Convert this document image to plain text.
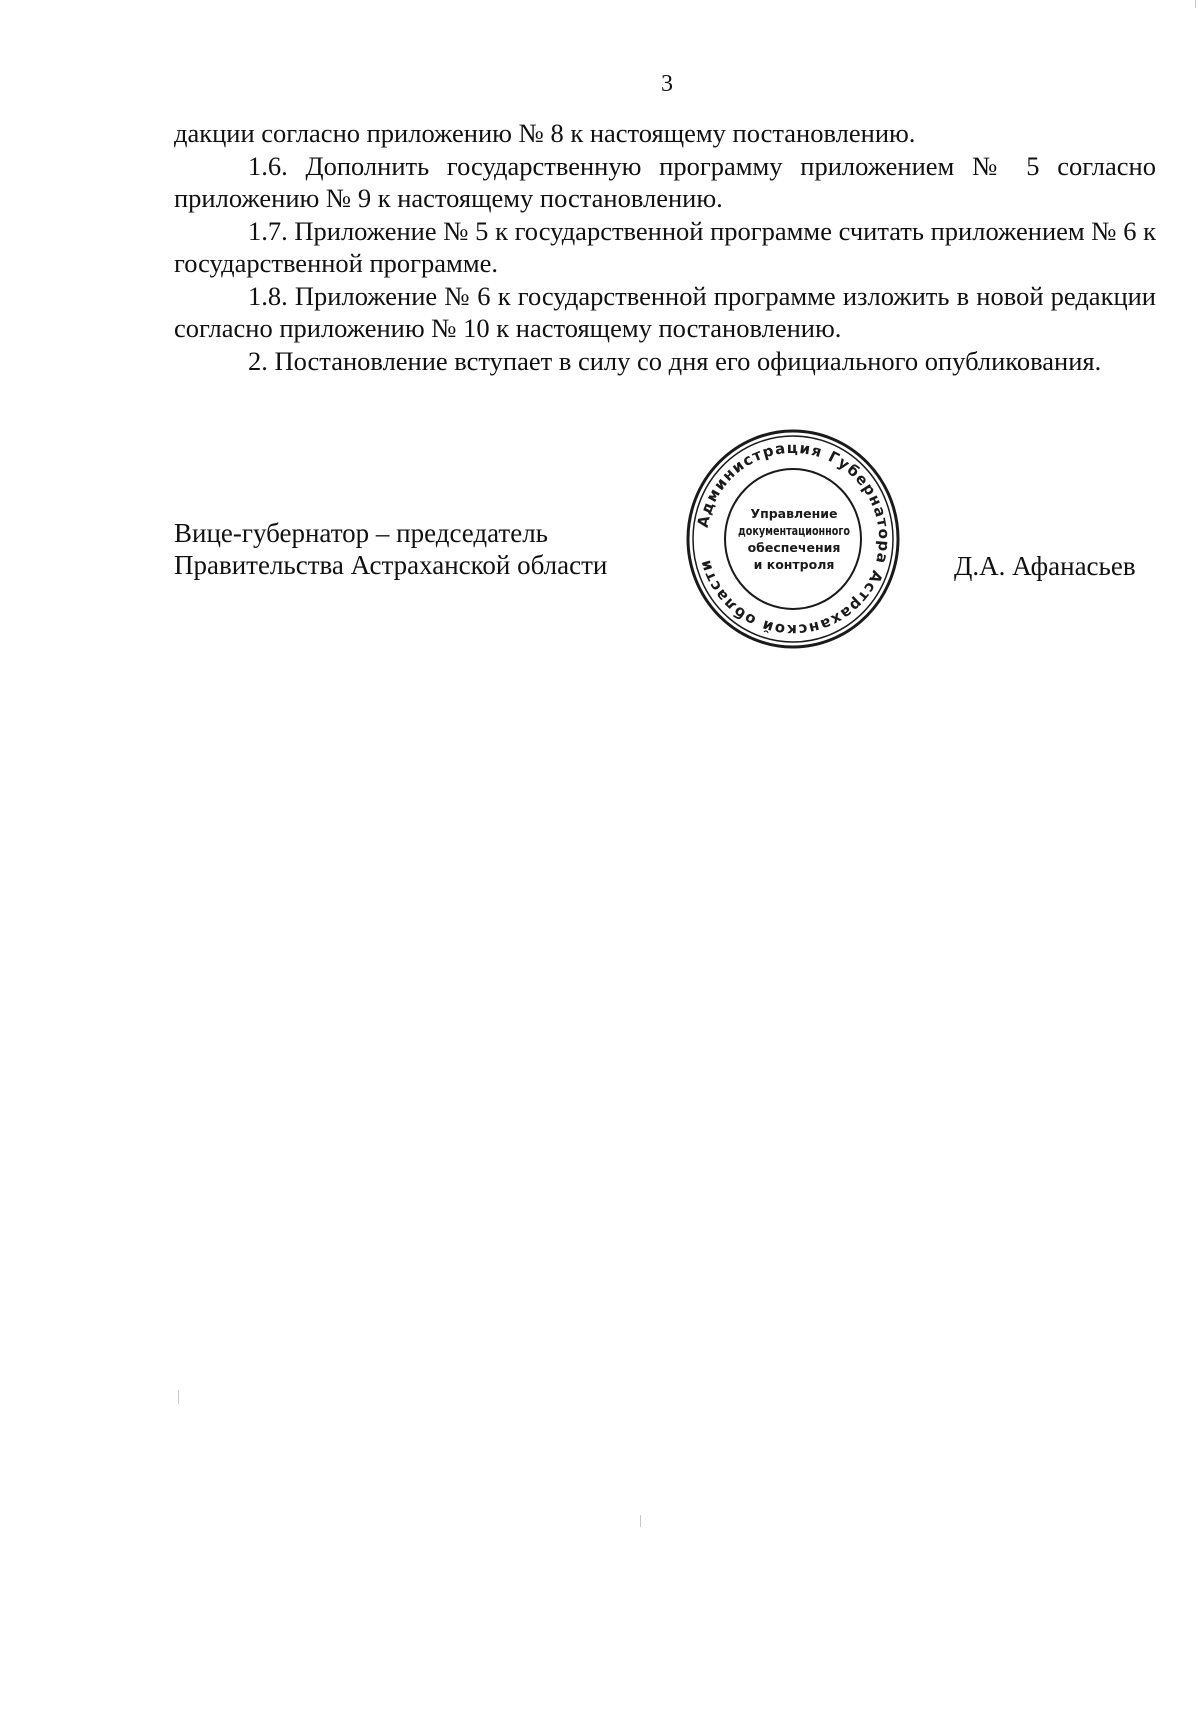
3

дакции согласно приложению № 8 к настоящему постановлению.

1.6. Дополнить государственную программу приложением № 5 согласно приложению № 9 к настоящему постановлению.

1.7. Приложение № 5 к государственной программе считать приложением № 6 к государственной программе.

1.8. Приложение № 6 к государственной программе изложить в новой редакции согласно приложению № 10 к настоящему постановлению.

2. Постановление вступает в силу со дня его официального опубликования.

Вице-губернатор – председатель
Правительства Астраханской области
Администрация Губернатора Астраханской области
Управление
документационного
обеспечения
и контроля	Д.А. Афанасьев
